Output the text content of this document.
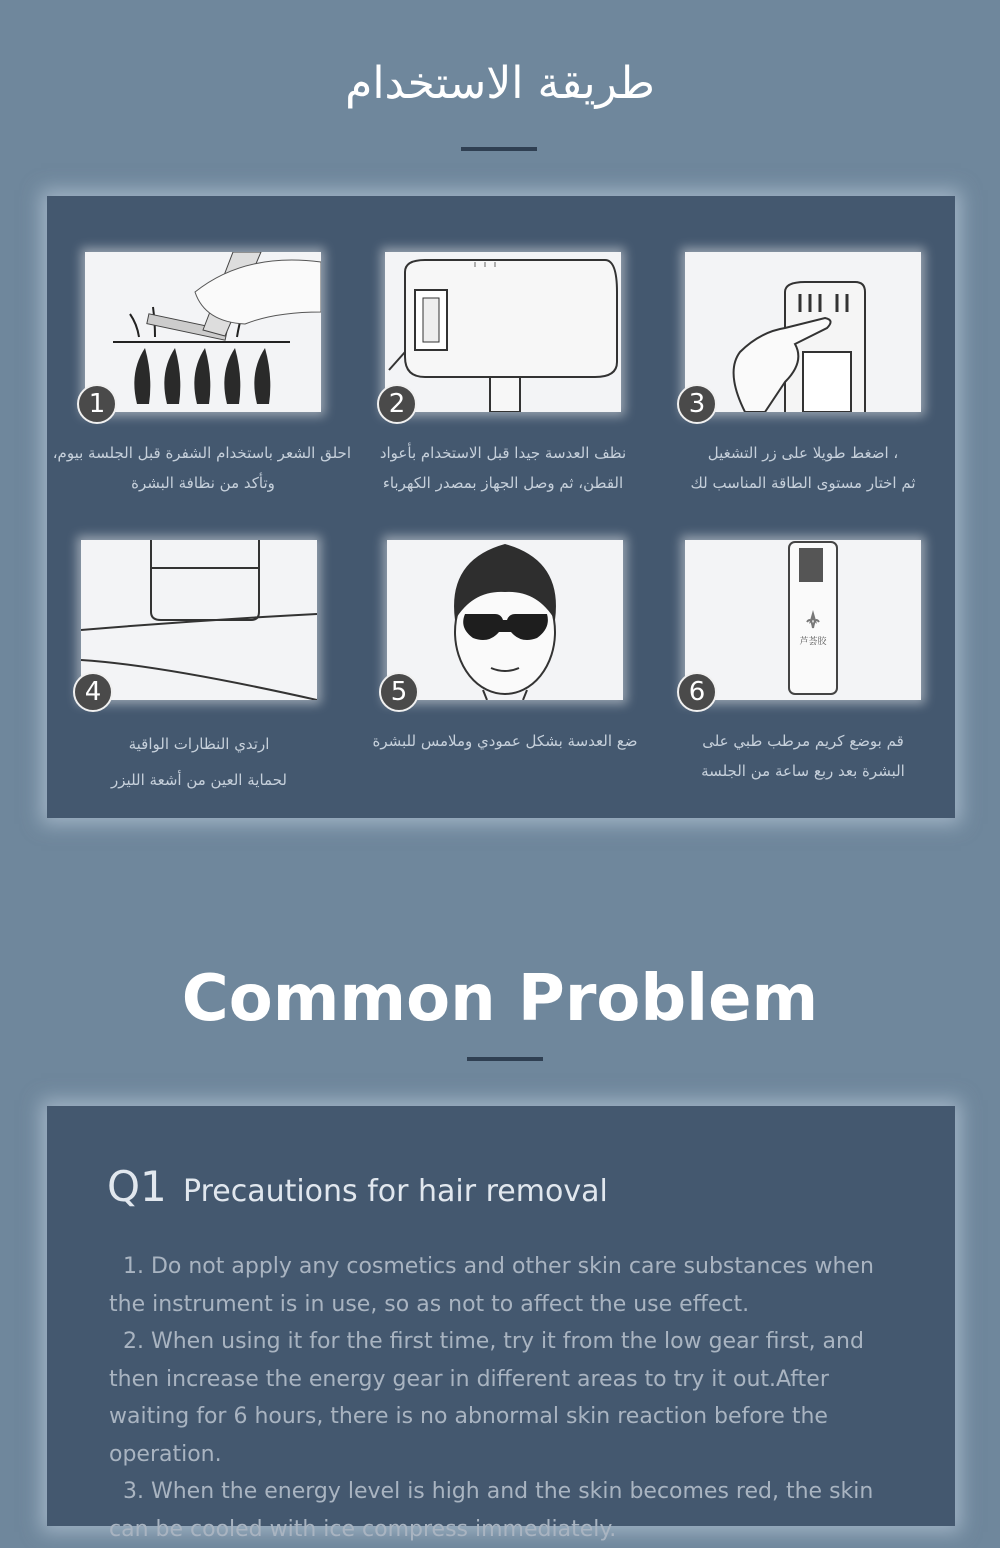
طريقة الاستخدام
1
احلق الشعر باستخدام الشفرة قبل الجلسة بيوم،
وتأكد من نظافة البشرة
2
نظف العدسة جيدا قبل الاستخدام بأعواد
القطن، ثم وصل الجهاز بمصدر الكهرباء
3
، اضغط طويلا على زر التشغيل
ثم اختار مستوى الطاقة المناسب لك
4
ارتدي النظارات الواقية
لحماية العين من أشعة الليزر
5
ضع العدسة بشكل عمودي وملامس للبشرة
芦荟胶
6
قم بوضع كريم مرطب طبي على
البشرة بعد ربع ساعة من الجلسة
Common Problem
Q1 Precautions for hair removal

1. Do not apply any cosmetics and other skin care substances when the instrument is in use, so as not to affect the use effect.

2. When using it for the first time, try it from the low gear first, and then increase the energy gear in different areas to try it out.After waiting for 6 hours, there is no abnormal skin reaction before the operation.

3. When the energy level is high and the skin becomes red, the skin can be cooled with ice compress immediately.
